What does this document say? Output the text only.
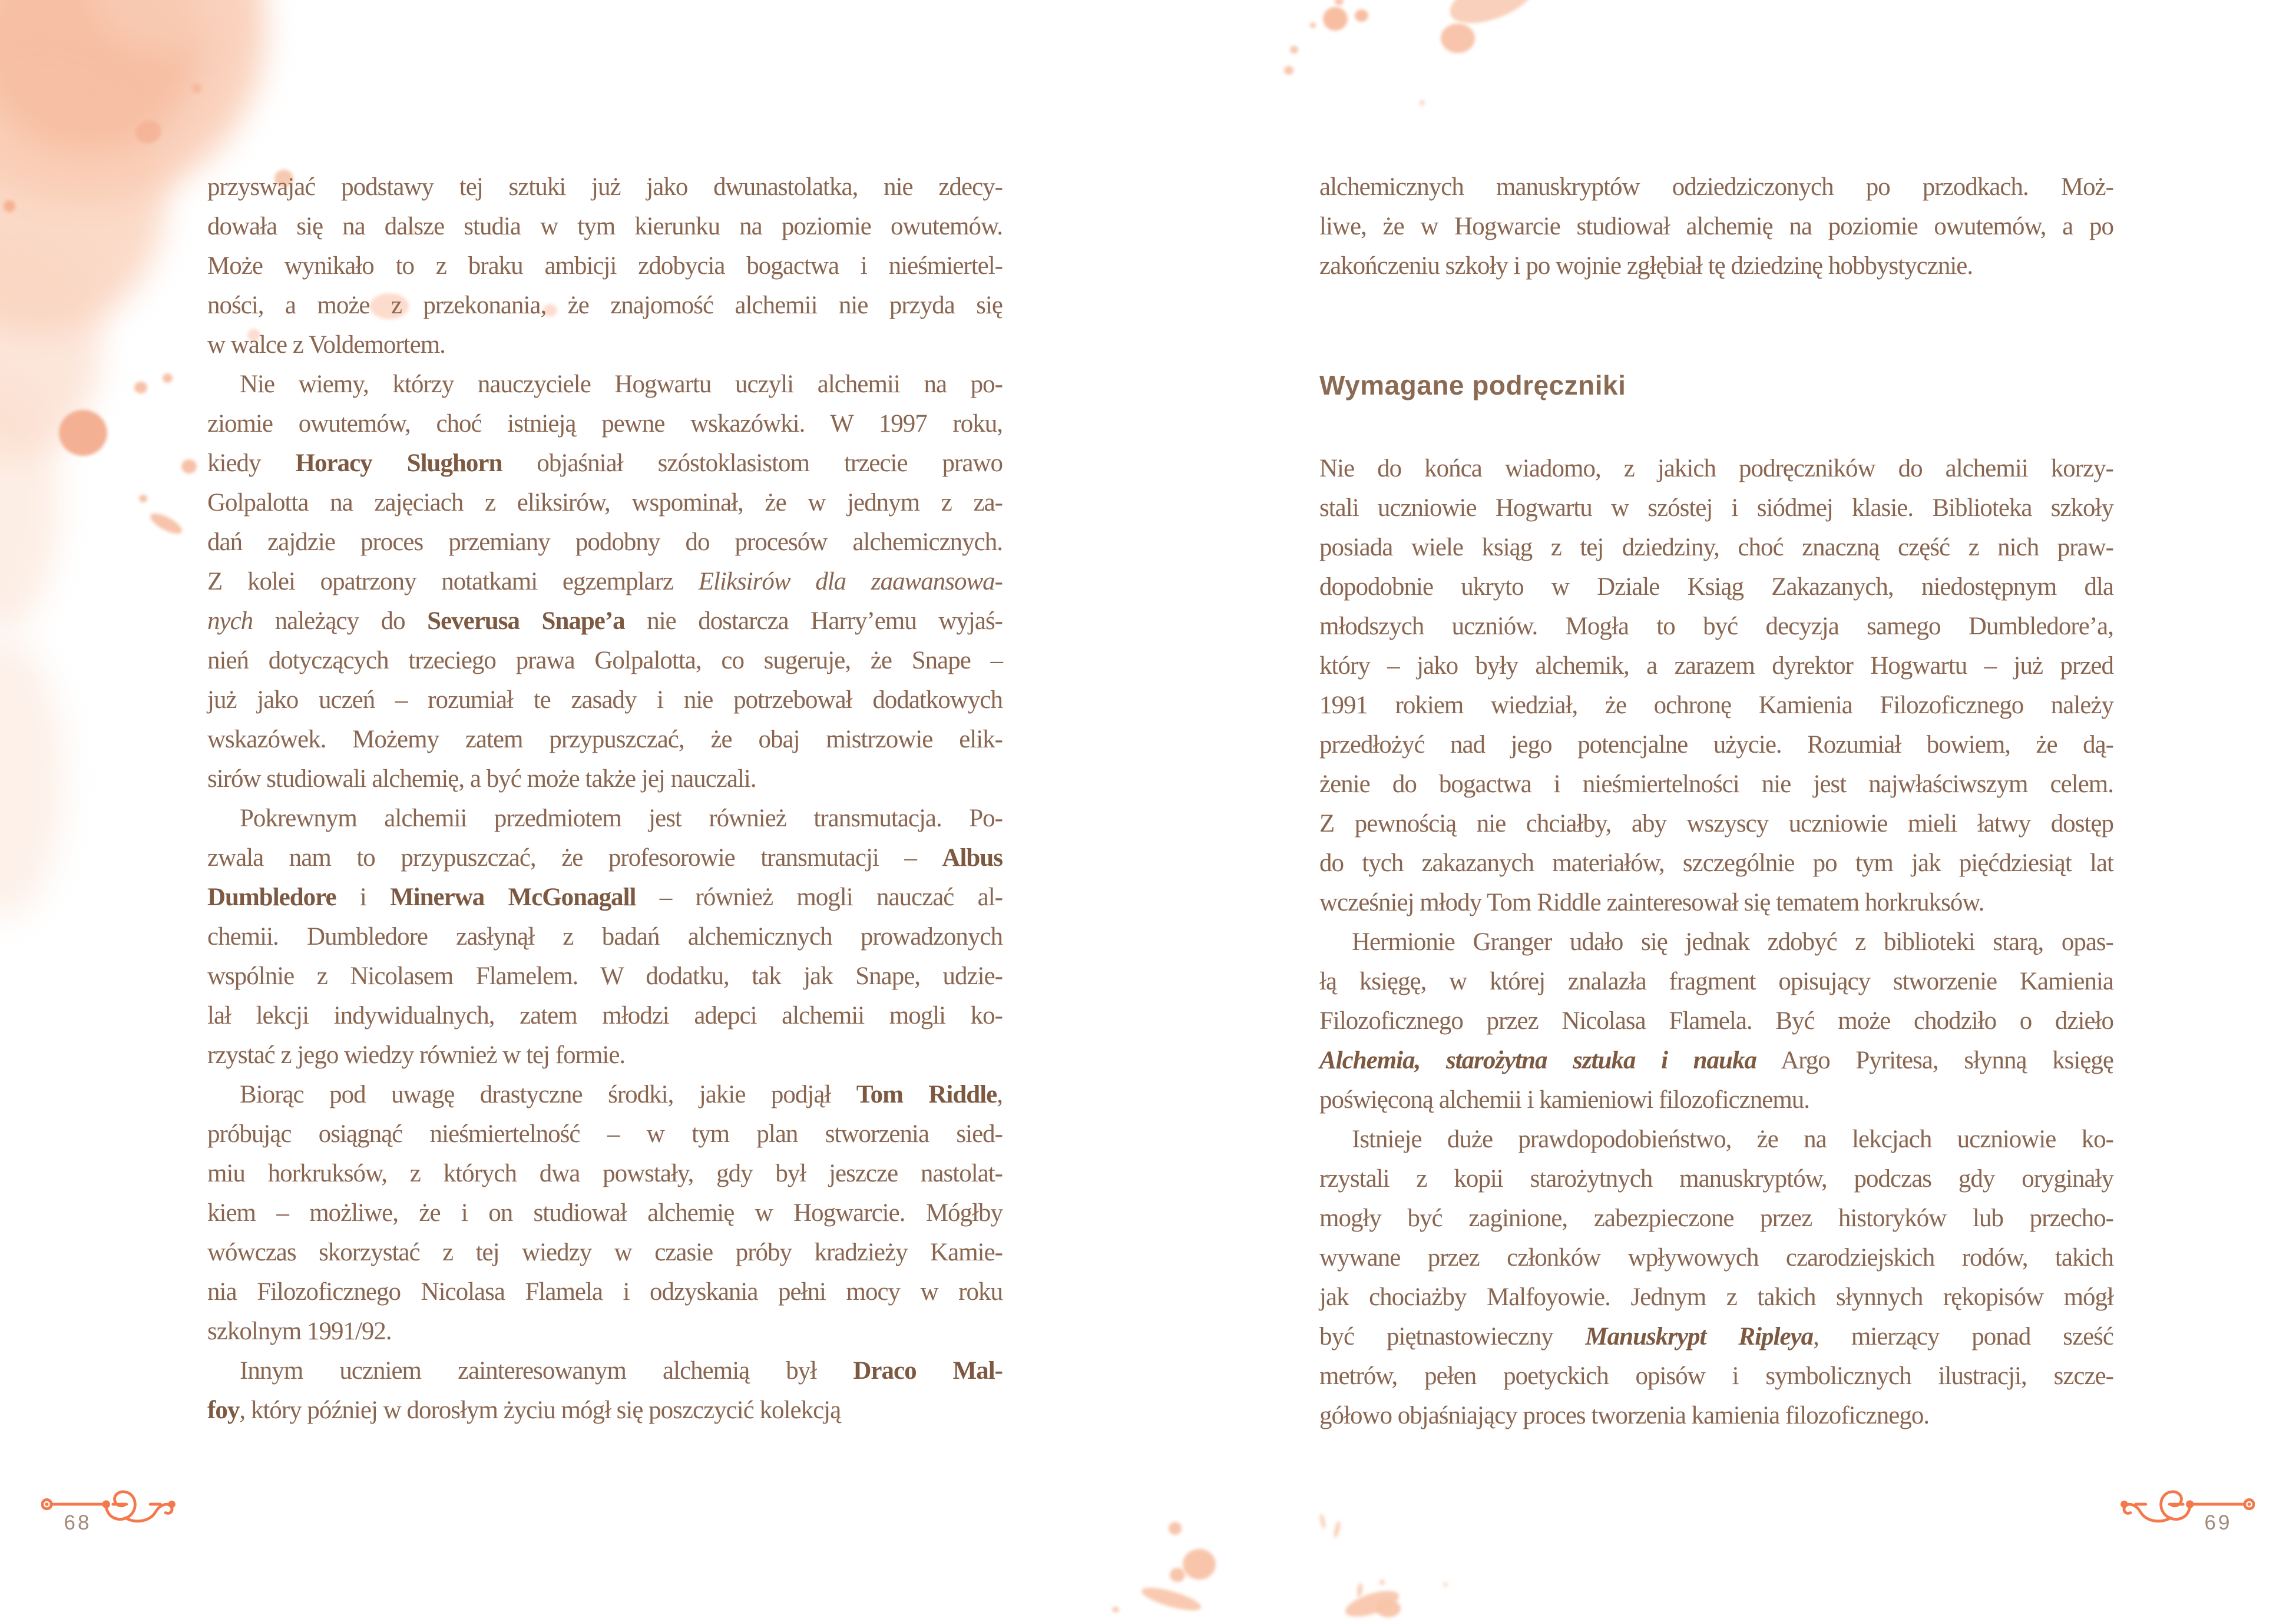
przyswajać podstawy tej sztuki już jako dwunastolatka, nie zdecy-
dowała się na dalsze studia w tym kierunku na poziomie owutemów.
Może wynikało to z braku ambicji zdobycia bogactwa i nieśmiertel-
ności, a może z przekonania, że znajomość alchemii nie przyda się
w walce z Voldemortem.
Nie wiemy, którzy nauczyciele Hogwartu uczyli alchemii na po-
ziomie owutemów, choć istnieją pewne wskazówki. W 1997 roku,
kiedy Horacy Slughorn objaśniał szóstoklasistom trzecie prawo
Golpalotta na zajęciach z eliksirów, wspominał, że w jednym z za-
dań zajdzie proces przemiany podobny do procesów alchemicznych.
Z kolei opatrzony notatkami egzemplarz Eliksirów dla zaawansowa-
nych należący do Severusa Snape’a nie dostarcza Harry’emu wyjaś-
nień dotyczących trzeciego prawa Golpalotta, co sugeruje, że Snape –
już jako uczeń – rozumiał te zasady i nie potrzebował dodatkowych
wskazówek. Możemy zatem przypuszczać, że obaj mistrzowie elik-
sirów studiowali alchemię, a być może także jej nauczali.
Pokrewnym alchemii przedmiotem jest również transmutacja. Po-
zwala nam to przypuszczać, że profesorowie transmutacji – Albus
Dumbledore i Minerwa McGonagall – również mogli nauczać al-
chemii. Dumbledore zasłynął z badań alchemicznych prowadzonych
wspólnie z Nicolasem Flamelem. W dodatku, tak jak Snape, udzie-
lał lekcji indywidualnych, zatem młodzi adepci alchemii mogli ko-
rzystać z jego wiedzy również w tej formie.
Biorąc pod uwagę drastyczne środki, jakie podjął Tom Riddle,
próbując osiągnąć nieśmiertelność – w tym plan stworzenia sied-
miu horkruksów, z których dwa powstały, gdy był jeszcze nastolat-
kiem – możliwe, że i on studiował alchemię w Hogwarcie. Mógłby
wówczas skorzystać z tej wiedzy w czasie próby kradzieży Kamie-
nia Filozoficznego Nicolasa Flamela i odzyskania pełni mocy w roku
szkolnym 1991/92.
Innym uczniem zainteresowanym alchemią był Draco Mal-
foy, który później w dorosłym życiu mógł się poszczycić kolekcją
68
alchemicznych manuskryptów odziedziczonych po przodkach. Moż-
liwe, że w Hogwarcie studiował alchemię na poziomie owutemów, a po
zakończeniu szkoły i po wojnie zgłębiał tę dziedzinę hobbystycznie.
Wymagane podręczniki
Nie do końca wiadomo, z jakich podręczników do alchemii korzy-
stali uczniowie Hogwartu w szóstej i siódmej klasie. Biblioteka szkoły
posiada wiele ksiąg z tej dziedziny, choć znaczną część z nich praw-
dopodobnie ukryto w Dziale Ksiąg Zakazanych, niedostępnym dla
młodszych uczniów. Mogła to być decyzja samego Dumbledore’a,
który – jako były alchemik, a zarazem dyrektor Hogwartu – już przed
1991 rokiem wiedział, że ochronę Kamienia Filozoficznego należy
przedłożyć nad jego potencjalne użycie. Rozumiał bowiem, że dą-
żenie do bogactwa i nieśmiertelności nie jest najwłaściwszym celem.
Z pewnością nie chciałby, aby wszyscy uczniowie mieli łatwy dostęp
do tych zakazanych materiałów, szczególnie po tym jak pięćdziesiąt lat
wcześniej młody Tom Riddle zainteresował się tematem horkruksów.
Hermionie Granger udało się jednak zdobyć z biblioteki starą, opas-
łą księgę, w której znalazła fragment opisujący stworzenie Kamienia
Filozoficznego przez Nicolasa Flamela. Być może chodziło o dzieło
Alchemia, starożytna sztuka i nauka Argo Pyritesa, słynną księgę
poświęconą alchemii i kamieniowi filozoficznemu.
Istnieje duże prawdopodobieństwo, że na lekcjach uczniowie ko-
rzystali z kopii starożytnych manuskryptów, podczas gdy oryginały
mogły być zaginione, zabezpieczone przez historyków lub przecho-
wywane przez członków wpływowych czarodziejskich rodów, takich
jak chociażby Malfoyowie. Jednym z takich słynnych rękopisów mógł
być piętnastowieczny Manuskrypt Ripleya, mierzący ponad sześć
metrów, pełen poetyckich opisów i symbolicznych ilustracji, szcze-
gółowo objaśniający proces tworzenia kamienia filozoficznego.
69
